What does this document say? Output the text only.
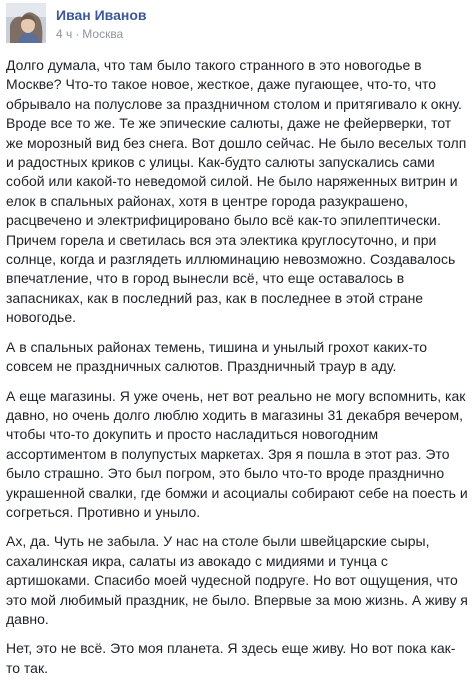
Иван Иванов
4 ч · Москва

Долго думала, что там было такого странного в это новогодье в Москве? Что-то такое новое, жесткое, даже пугающее, что-то, что обрывало на полуслове за праздничном столом и притягивало к окну. Вроде все то же. Те же эпические салюты, даже не фейерверки, тот же морозный вид без снега. Вот дошло сейчас. Не было веселых толп и радостных криков с улицы. Как-будто салюты запускались сами собой или какой-то неведомой силой. Не было наряженных витрин и елок в спальных районах, хотя в центре города разукрашено, расцвечено и электрифицировано было всё как-то эпилептически. Причем горела и светилась вся эта электика круглосуточно, и при солнце, когда и разглядеть иллюминацию невозможно. Создавалось впечатление, что в город вынесли всё, что еще оставалось в запасниках, как в последний раз, как в последнее в этой стране новогодье.

А в спальных районах темень, тишина и унылый грохот каких-то совсем не праздничных салютов. Праздничный траур в аду.

А еще магазины. Я уже очень, нет вот реально не могу вспомнить, как давно, но очень долго люблю ходить в магазины 31 декабря вечером, чтобы что-то докупить и просто насладиться новогодним ассортиментом в полупустых маркетах. Зря я пошла в этот раз. Это было страшно. Это был погром, это было что-то вроде празднично украшенной свалки, где бомжи и асоциалы собирают себе на поесть и согреться. Противно и уныло.

Ах, да. Чуть не забыла. У нас на столе были швейцарские сыры, сахалинская икра, салаты из авокадо с мидиями и тунца с артишоками. Спасибо моей чудесной подруге. Но вот ощущения, что это мой любимый праздник, не было. Впервые за мою жизнь. А живу я давно.

Нет, это не всё. Это моя планета. Я здесь еще живу. Но вот пока как-то так.
